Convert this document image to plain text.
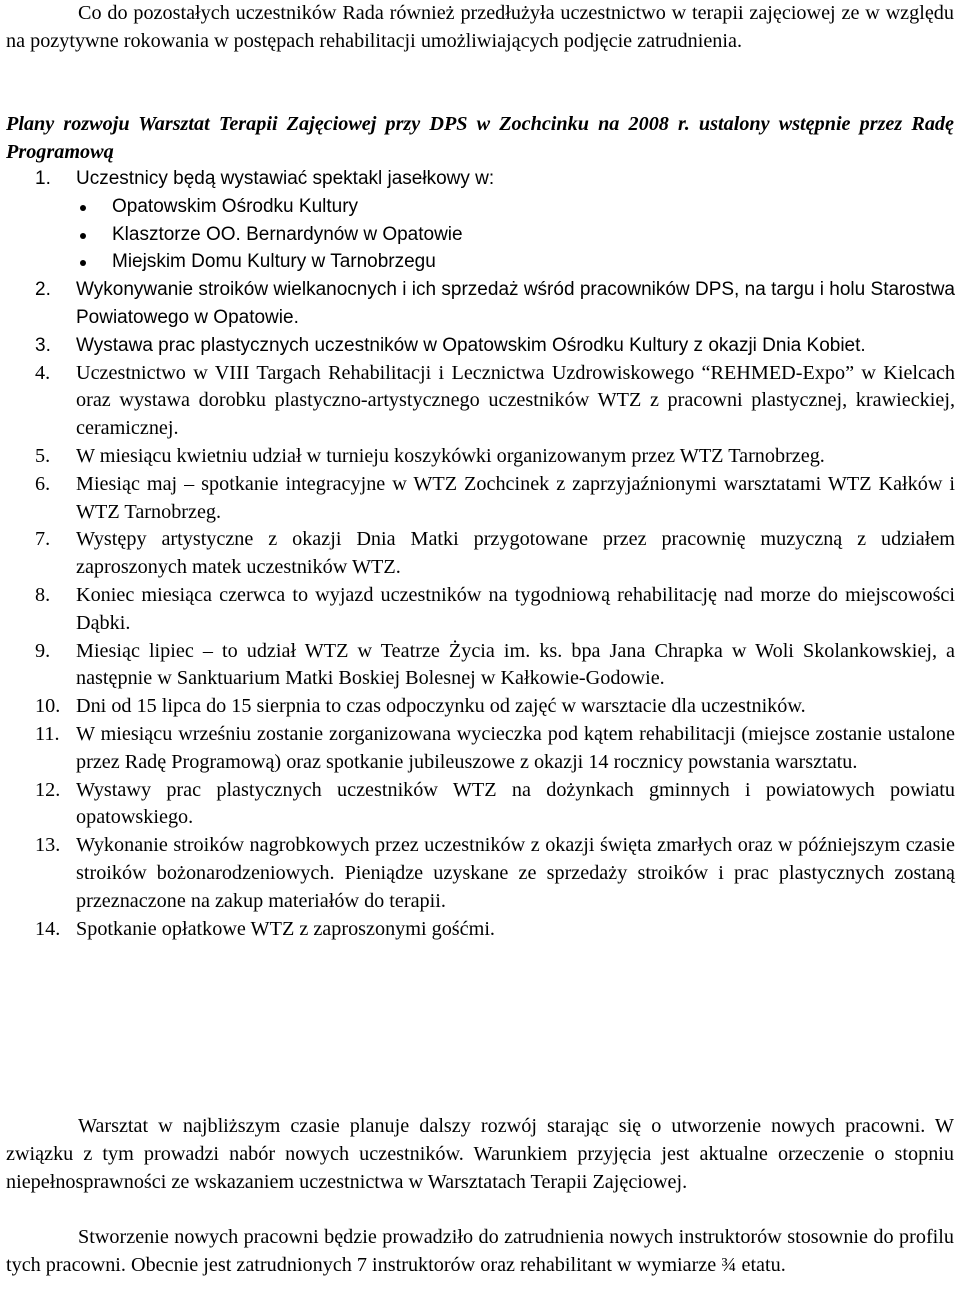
Co do pozostałych uczestników Rada również przedłużyła uczestnictwo w terapii zajęciowej ze w względu na pozytywne rokowania w postępach rehabilitacji umożliwiających podjęcie zatrudnienia.

Plany rozwoju Warsztat Terapii Zajęciowej przy DPS w Zochcinku na 2008 r. ustalony wstępnie przez Radę Programową

1. Uczestnicy będą wystawiać spektakl jasełkowy w:
Opatowskim Ośrodku Kultury
Klasztorze OO. Bernardynów w Opatowie
Miejskim Domu Kultury w Tarnobrzegu
2. Wykonywanie stroików wielkanocnych i ich sprzedaż wśród pracowników DPS, na targu i holu Starostwa Powiatowego w Opatowie.
3. Wystawa prac plastycznych uczestników w Opatowskim Ośrodku Kultury z okazji Dnia Kobiet.
4. Uczestnictwo w VIII Targach Rehabilitacji i Lecznictwa Uzdrowiskowego “REHMED-Expo” w Kielcach oraz wystawa dorobku plastyczno-artystycznego uczestników WTZ z pracowni plastycznej, krawieckiej, ceramicznej.
5. W miesiącu kwietniu udział w turnieju koszykówki organizowanym przez WTZ Tarnobrzeg.
6. Miesiąc maj – spotkanie integracyjne w WTZ Zochcinek z zaprzyjaźnionymi warsztatami WTZ Kałków i WTZ Tarnobrzeg.
7. Występy artystyczne z okazji Dnia Matki przygotowane przez pracownię muzyczną z udziałem zaproszonych matek uczestników WTZ.
8. Koniec miesiąca czerwca to wyjazd uczestników na tygodniową rehabilitację nad morze do miejscowości Dąbki.
9. Miesiąc lipiec – to udział WTZ w Teatrze Życia im. ks. bpa Jana Chrapka w Woli Skolankowskiej, a następnie w Sanktuarium Matki Boskiej Bolesnej w Kałkowie-Godowie.
10. Dni od 15 lipca do 15 sierpnia to czas odpoczynku od zajęć w warsztacie dla uczestników.
11. W miesiącu wrześniu zostanie zorganizowana wycieczka pod kątem rehabilitacji (miejsce zostanie ustalone przez Radę Programową) oraz spotkanie jubileuszowe z okazji 14 rocznicy powstania warsztatu.
12. Wystawy prac plastycznych uczestników WTZ na dożynkach gminnych i powiatowych powiatu opatowskiego.
13. Wykonanie stroików nagrobkowych przez uczestników z okazji święta zmarłych oraz w późniejszym czasie stroików bożonarodzeniowych. Pieniądze uzyskane ze sprzedaży stroików i prac plastycznych zostaną przeznaczone na zakup materiałów do terapii.
14. Spotkanie opłatkowe WTZ z zaproszonymi gośćmi.

Warsztat w najbliższym czasie planuje dalszy rozwój starając się o utworzenie nowych pracowni. W związku z tym prowadzi nabór nowych uczestników. Warunkiem przyjęcia jest aktualne orzeczenie o stopniu niepełnosprawności ze wskazaniem uczestnictwa w Warsztatach Terapii Zajęciowej.

Stworzenie nowych pracowni będzie prowadziło do zatrudnienia nowych instruktorów stosownie do profilu tych pracowni. Obecnie jest zatrudnionych 7 instruktorów oraz rehabilitant w wymiarze ¾ etatu.
